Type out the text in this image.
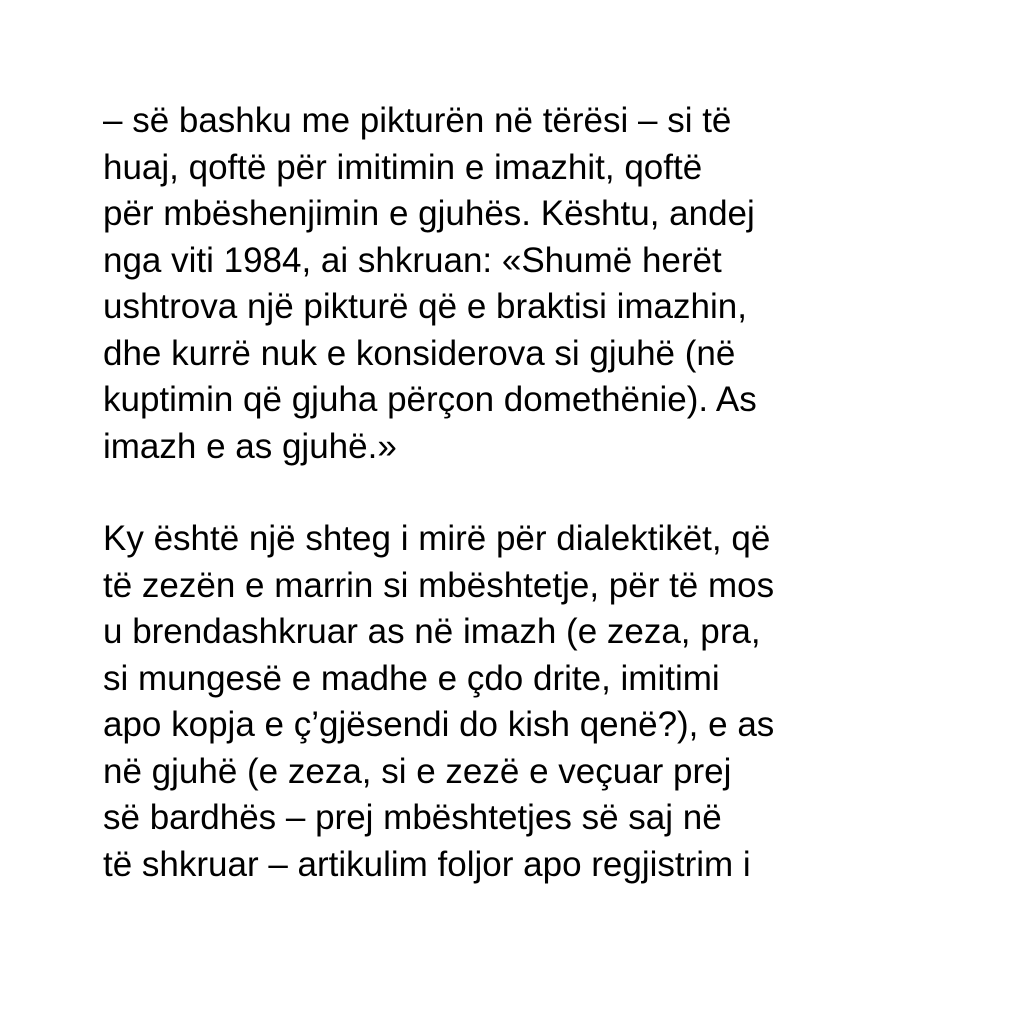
– së bashku me pikturën në tërësi – si të
huaj, qoftë për imitimin e imazhit, qoftë
për mbëshenjimin e gjuhës. Kështu, andej
nga viti 1984, ai shkruan: «Shumë herët
ushtrova një pikturë që e braktisi imazhin,
dhe kurrë nuk e konsiderova si gjuhë (në
kuptimin që gjuha përçon domethënie). As
imazh e as gjuhë.»

Ky është një shteg i mirë për dialektikët, që
të zezën e marrin si mbështetje, për të mos
u brendashkruar as në imazh (e zeza, pra,
si mungesë e madhe e çdo drite, imitimi
apo kopja e ç’gjësendi do kish qenë?), e as
në gjuhë (e zeza, si e zezë e veçuar prej
së bardhës – prej mbështetjes së saj në
të shkruar – artikulim foljor apo regjistrim i
